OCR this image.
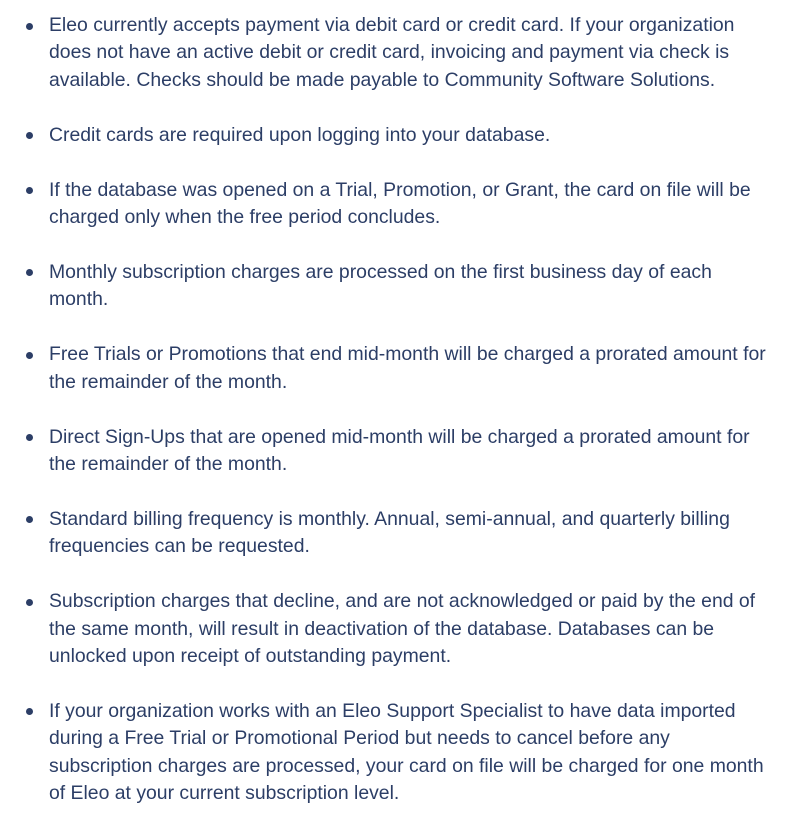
Eleo currently accepts payment via debit card or credit card. If your organization does not have an active debit or credit card, invoicing and payment via check is available. Checks should be made payable to Community Software Solutions.
Credit cards are required upon logging into your database.
If the database was opened on a Trial, Promotion, or Grant, the card on file will be charged only when the free period concludes.
Monthly subscription charges are processed on the first business day of each month.
Free Trials or Promotions that end mid-month will be charged a prorated amount for the remainder of the month.
Direct Sign-Ups that are opened mid-month will be charged a prorated amount for the remainder of the month.
Standard billing frequency is monthly. Annual, semi-annual, and quarterly billing frequencies can be requested.
Subscription charges that decline, and are not acknowledged or paid by the end of the same month, will result in deactivation of the database. Databases can be unlocked upon receipt of outstanding payment.
If your organization works with an Eleo Support Specialist to have data imported during a Free Trial or Promotional Period but needs to cancel before any subscription charges are processed, your card on file will be charged for one month of Eleo at your current subscription level.
